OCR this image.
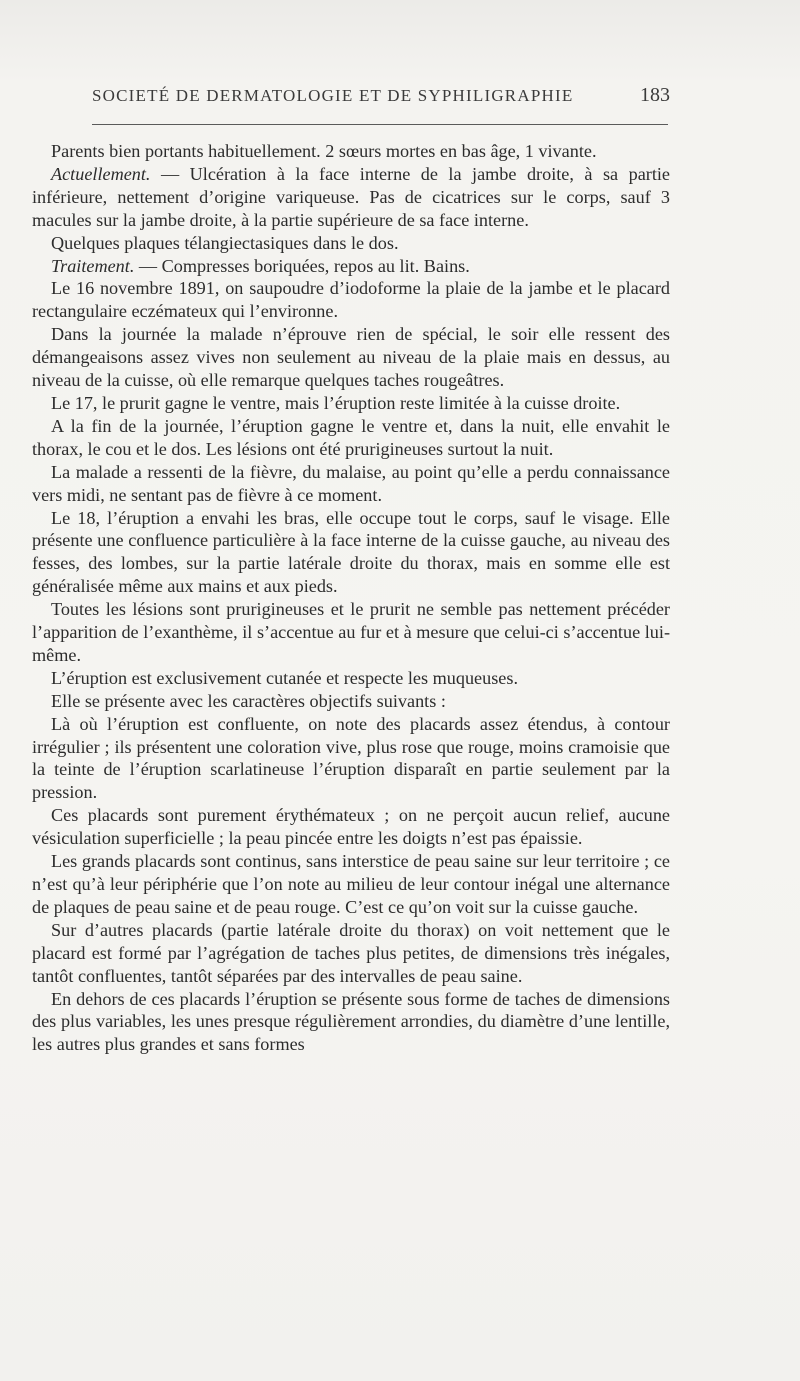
SOCIETÉ DE DERMATOLOGIE ET DE SYPHILIGRAPHIE	183

Parents bien portants habituellement. 2 sœurs mortes en bas âge, 1 vivante.

Actuellement. — Ulcération à la face interne de la jambe droite, à sa partie inférieure, nettement d’origine variqueuse. Pas de cicatrices sur le corps, sauf 3 macules sur la jambe droite, à la partie supérieure de sa face interne.

Quelques plaques télangiectasiques dans le dos.

Traitement. — Compresses boriquées, repos au lit. Bains.

Le 16 novembre 1891, on saupoudre d’iodoforme la plaie de la jambe et le placard rectangulaire eczémateux qui l’environne.

Dans la journée la malade n’éprouve rien de spécial, le soir elle ressent des démangeaisons assez vives non seulement au niveau de la plaie mais en dessus, au niveau de la cuisse, où elle remarque quelques taches rougeâtres.

Le 17, le prurit gagne le ventre, mais l’éruption reste limitée à la cuisse droite.

A la fin de la journée, l’éruption gagne le ventre et, dans la nuit, elle envahit le thorax, le cou et le dos. Les lésions ont été prurigineuses surtout la nuit.

La malade a ressenti de la fièvre, du malaise, au point qu’elle a perdu connaissance vers midi, ne sentant pas de fièvre à ce moment.

Le 18, l’éruption a envahi les bras, elle occupe tout le corps, sauf le visage. Elle présente une confluence particulière à la face interne de la cuisse gauche, au niveau des fesses, des lombes, sur la partie latérale droite du thorax, mais en somme elle est généralisée même aux mains et aux pieds.

Toutes les lésions sont prurigineuses et le prurit ne semble pas nettement précéder l’apparition de l’exanthème, il s’accentue au fur et à mesure que celui-ci s’accentue lui-même.

L’éruption est exclusivement cutanée et respecte les muqueuses.

Elle se présente avec les caractères objectifs suivants :

Là où l’éruption est confluente, on note des placards assez étendus, à contour irrégulier ; ils présentent une coloration vive, plus rose que rouge, moins cramoisie que la teinte de l’éruption scarlatineuse l’éruption disparaît en partie seulement par la pression.

Ces placards sont purement érythémateux ; on ne perçoit aucun relief, aucune vésiculation superficielle ; la peau pincée entre les doigts n’est pas épaissie.

Les grands placards sont continus, sans interstice de peau saine sur leur territoire ; ce n’est qu’à leur périphérie que l’on note au milieu de leur contour inégal une alternance de plaques de peau saine et de peau rouge. C’est ce qu’on voit sur la cuisse gauche.

Sur d’autres placards (partie latérale droite du thorax) on voit nettement que le placard est formé par l’agrégation de taches plus petites, de dimensions très inégales, tantôt confluentes, tantôt séparées par des intervalles de peau saine.

En dehors de ces placards l’éruption se présente sous forme de taches de dimensions des plus variables, les unes presque régulièrement arrondies, du diamètre d’une lentille, les autres plus grandes et sans formes
